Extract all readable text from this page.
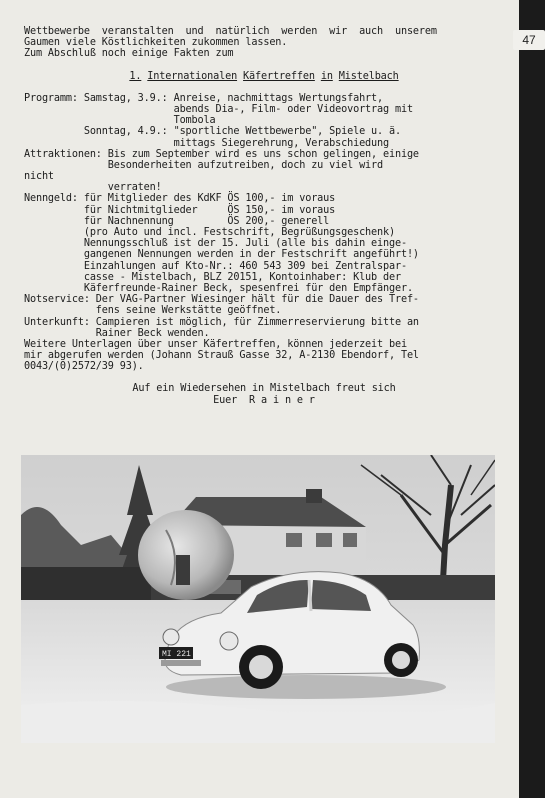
47
Wettbewerbe  veranstalten  und  natürlich  werden  wir  auch  unserem
Gaumen viele Köstlichkeiten zukommen lassen.
Zum Abschluß noch einige Fakten zum
1. Internationalen Käfertreffen in Mistelbach
Programm: Samstag, 3.9.: Anreise, nachmittags Wertungsfahrt,
abends Dia-, Film- oder Videovortrag mit
Tombola
Sonntag, 4.9.: "sportliche Wettbewerbe", Spiele u. ä.
mittags Siegerehrung, Verabschiedung
Attraktionen: Bis zum September wird es uns schon gelingen, einige
Besonderheiten aufzutreiben, doch zu viel wird
nicht
verraten!
Nenngeld: für Mitglieder des KdKF ÖS 100,- im voraus
für Nichtmitglieder     ÖS 150,- im voraus
für Nachnennung         ÖS 200,- generell
(pro Auto und incl. Festschrift, Begrüßungsgeschenk)
Nennungsschluß ist der 15. Juli (alle bis dahin einge-
gangenen Nennungen werden in der Festschrift angeführt!)
Einzahlungen auf Kto-Nr.: 460 543 309 bei Zentralspar-
casse - Mistelbach, BLZ 20151, Kontoinhaber: Klub der
Käferfreunde-Rainer Beck, spesenfrei für den Empfänger.
Notservice: Der VAG-Partner Wiesinger hält für die Dauer des Tref-
fens seine Werkstätte geöffnet.
Unterkunft: Campieren ist möglich, für Zimmerreservierung bitte an
Rainer Beck wenden.
Weitere Unterlagen über unser Käfertreffen, können jederzeit bei
mir abgerufen werden (Johann Strauß Gasse 32, A-2130 Ebendorf, Tel
0043/(0)2572/39 93).
Auf ein Wiedersehen in Mistelbach freut sich
Euer  R a i n e r
MI 221
